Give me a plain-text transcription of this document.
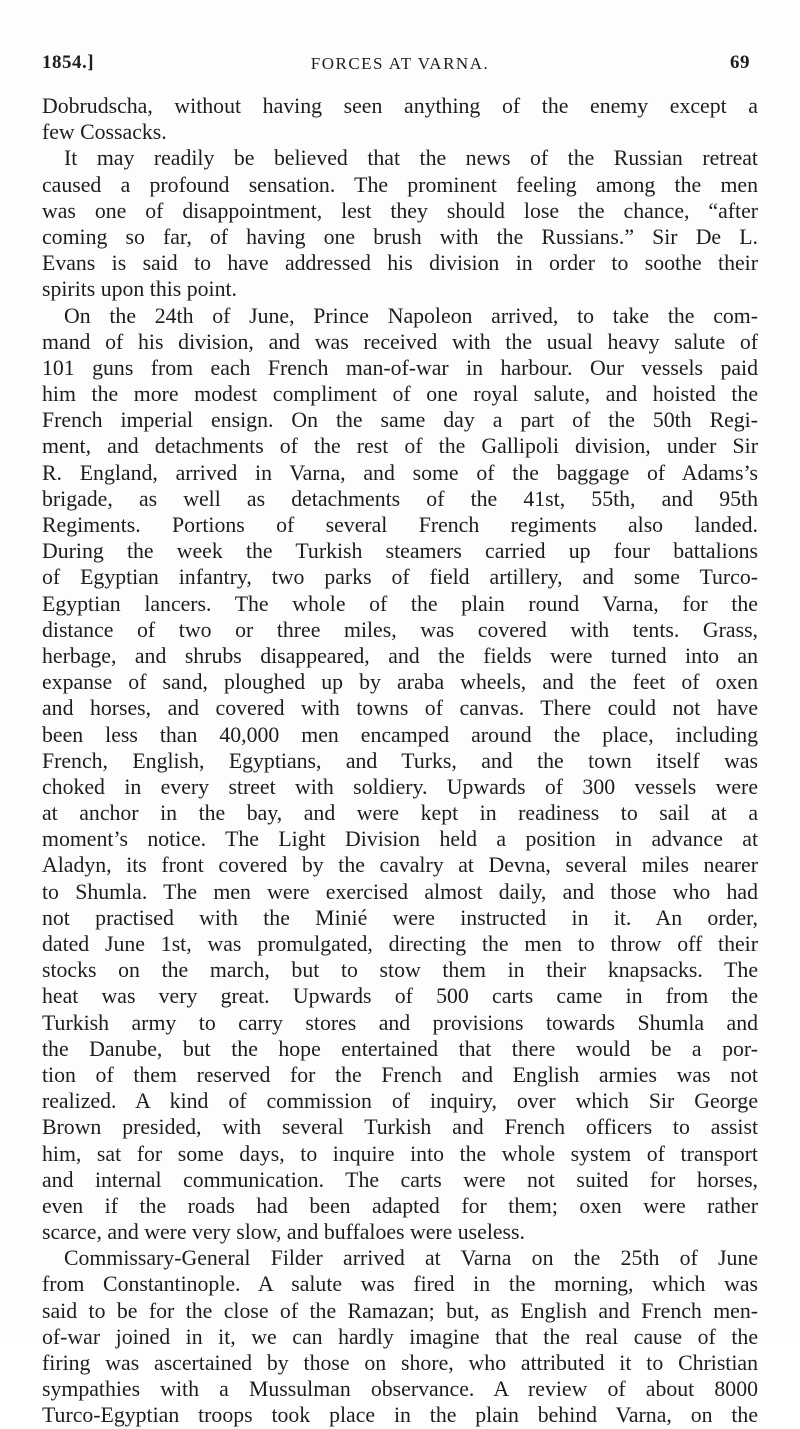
1854.]	FORCES AT VARNA.	69
Dobrudscha, without having seen anything of the enemy except a
few Cossacks.
It may readily be believed that the news of the Russian retreat
caused a profound sensation. The prominent feeling among the men
was one of disappointment, lest they should lose the chance, “after
coming so far, of having one brush with the Russians.” Sir De L.
Evans is said to have addressed his division in order to soothe their
spirits upon this point.
On the 24th of June, Prince Napoleon arrived, to take the com-
mand of his division, and was received with the usual heavy salute of
101 guns from each French man-of-war in harbour. Our vessels paid
him the more modest compliment of one royal salute, and hoisted the
French imperial ensign. On the same day a part of the 50th Regi-
ment, and detachments of the rest of the Gallipoli division, under Sir
R. England, arrived in Varna, and some of the baggage of Adams’s
brigade, as well as detachments of the 41st, 55th, and 95th
Regiments. Portions of several French regiments also landed.
During the week the Turkish steamers carried up four battalions
of Egyptian infantry, two parks of field artillery, and some Turco-
Egyptian lancers. The whole of the plain round Varna, for the
distance of two or three miles, was covered with tents. Grass,
herbage, and shrubs disappeared, and the fields were turned into an
expanse of sand, ploughed up by araba wheels, and the feet of oxen
and horses, and covered with towns of canvas. There could not have
been less than 40,000 men encamped around the place, including
French, English, Egyptians, and Turks, and the town itself was
choked in every street with soldiery. Upwards of 300 vessels were
at anchor in the bay, and were kept in readiness to sail at a
moment’s notice. The Light Division held a position in advance at
Aladyn, its front covered by the cavalry at Devna, several miles nearer
to Shumla. The men were exercised almost daily, and those who had
not practised with the Minié were instructed in it. An order,
dated June 1st, was promulgated, directing the men to throw off their
stocks on the march, but to stow them in their knapsacks. The
heat was very great. Upwards of 500 carts came in from the
Turkish army to carry stores and provisions towards Shumla and
the Danube, but the hope entertained that there would be a por-
tion of them reserved for the French and English armies was not
realized. A kind of commission of inquiry, over which Sir George
Brown presided, with several Turkish and French officers to assist
him, sat for some days, to inquire into the whole system of transport
and internal communication. The carts were not suited for horses,
even if the roads had been adapted for them; oxen were rather
scarce, and were very slow, and buffaloes were useless.
Commissary-General Filder arrived at Varna on the 25th of June
from Constantinople. A salute was fired in the morning, which was
said to be for the close of the Ramazan; but, as English and French men-
of-war joined in it, we can hardly imagine that the real cause of the
firing was ascertained by those on shore, who attributed it to Christian
sympathies with a Mussulman observance. A review of about 8000
Turco-Egyptian troops took place in the plain behind Varna, on the
